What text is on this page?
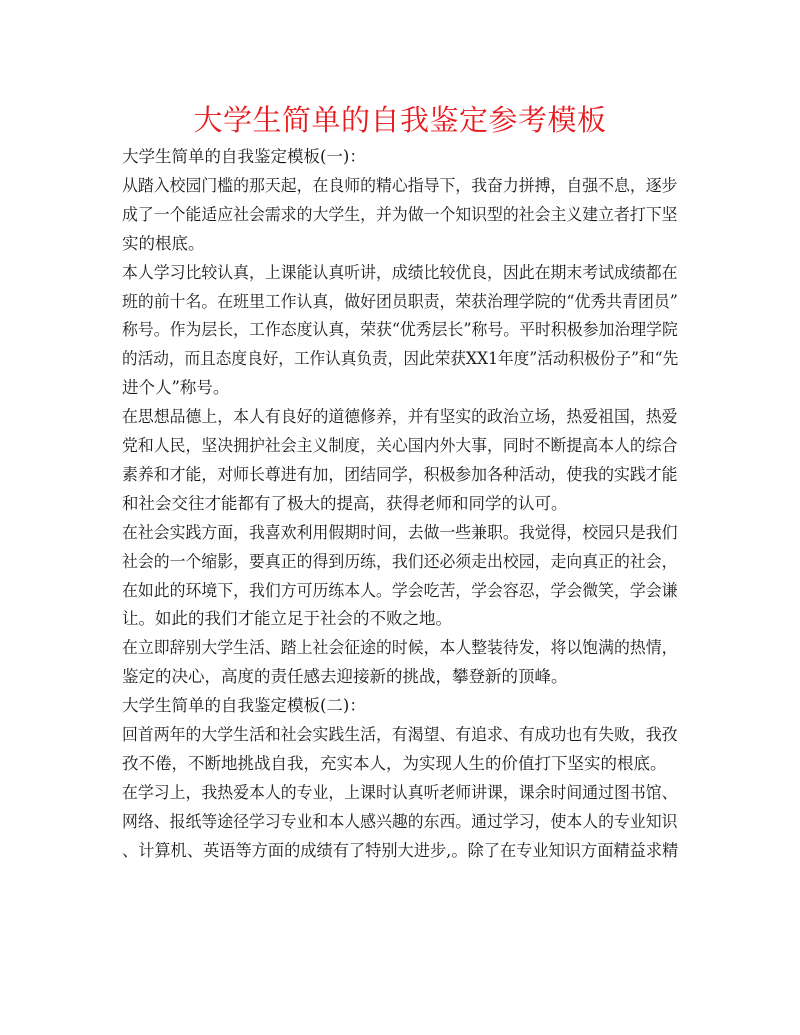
大学生简单的自我鉴定参考模板

大学生简单的自我鉴定模板(一)：

从踏入校园门槛的那天起，在良师的精心指导下，我奋力拼搏，自强不息，逐步

成了一个能适应社会需求的大学生，并为做一个知识型的社会主义建立者打下坚

实的根底。

本人学习比较认真，上课能认真听讲，成绩比较优良，因此在期末考试成绩都在

班的前十名。在班里工作认真，做好团员职责，荣获治理学院的“优秀共青团员”

称号。作为层长，工作态度认真，荣获“优秀层长”称号。平时积极参加治理学院

的活动，而且态度良好，工作认真负责，因此荣获XX1年度”活动积极份子”和“先

进个人”称号。

在思想品德上，本人有良好的道德修养，并有坚实的政治立场，热爱祖国，热爱

党和人民，坚决拥护社会主义制度，关心国内外大事，同时不断提高本人的综合

素养和才能，对师长尊进有加，团结同学，积极参加各种活动，使我的实践才能

和社会交往才能都有了极大的提高，获得老师和同学的认可。

在社会实践方面，我喜欢利用假期时间，去做一些兼职。我觉得，校园只是我们

社会的一个缩影，要真正的得到历练，我们还必须走出校园，走向真正的社会，

在如此的环境下，我们方可历练本人。学会吃苦，学会容忍，学会微笑，学会谦

让。如此的我们才能立足于社会的不败之地。

在立即辞别大学生活、踏上社会征途的时候，本人整装待发，将以饱满的热情，

鉴定的决心，高度的责任感去迎接新的挑战，攀登新的顶峰。

大学生简单的自我鉴定模板(二)：

回首两年的大学生活和社会实践生活，有渴望、有追求、有成功也有失败，我孜

孜不倦，不断地挑战自我，充实本人，为实现人生的价值打下坚实的根底。

在学习上，我热爱本人的专业，上课时认真听老师讲课，课余时间通过图书馆、

网络、报纸等途径学习专业和本人感兴趣的东西。通过学习，使本人的专业知识

、计算机、英语等方面的成绩有了特别大进步,。除了在专业知识方面精益求精
